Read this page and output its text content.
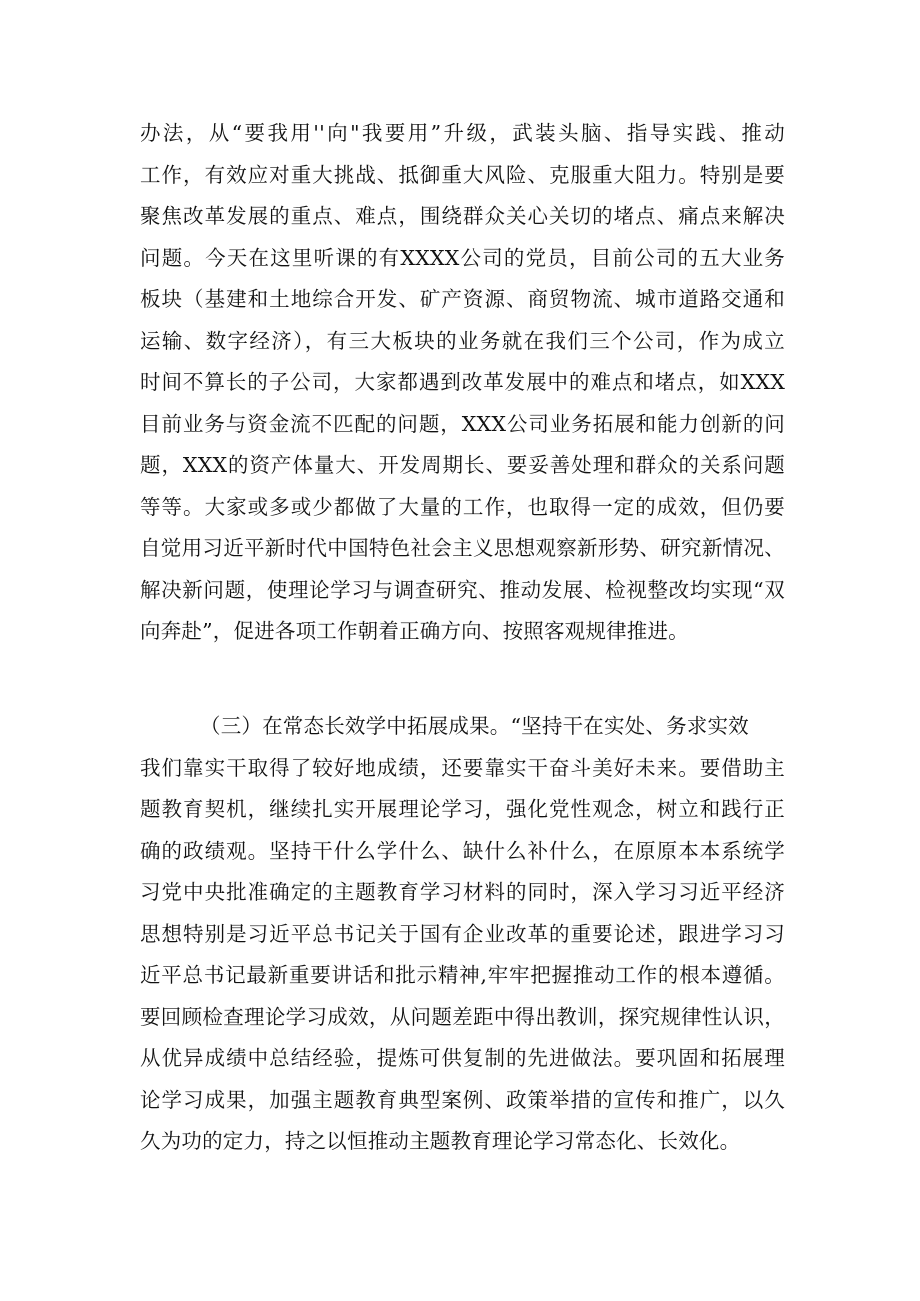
办法，从“要我用''向"我要用”升级，武装头脑、指导实践、推动
工作，有效应对重大挑战、抵御重大风险、克服重大阻力。特别是要
聚焦改革发展的重点、难点，围绕群众关心关切的堵点、痛点来解决
问题。今天在这里听课的有XXXX公司的党员，目前公司的五大业务
板块（基建和土地综合开发、矿产资源、商贸物流、城市道路交通和
运输、数字经济），有三大板块的业务就在我们三个公司，作为成立
时间不算长的子公司，大家都遇到改革发展中的难点和堵点，如XXX
目前业务与资金流不匹配的问题，XXX公司业务拓展和能力创新的问
题，XXX的资产体量大、开发周期长、要妥善处理和群众的关系问题
等等。大家或多或少都做了大量的工作，也取得一定的成效，但仍要
自觉用习近平新时代中国特色社会主义思想观察新形势、研究新情况、
解决新问题，使理论学习与调查研究、推动发展、检视整改均实现“双
向奔赴”，促进各项工作朝着正确方向、按照客观规律推进。
（三）在常态长效学中拓展成果。“坚持干在实处、务求实效
我们靠实干取得了较好地成绩，还要靠实干奋斗美好未来。要借助主
题教育契机，继续扎实开展理论学习，强化党性观念，树立和践行正
确的政绩观。坚持干什么学什么、缺什么补什么，在原原本本系统学
习党中央批准确定的主题教育学习材料的同时，深入学习习近平经济
思想特别是习近平总书记关于国有企业改革的重要论述，跟进学习习
近平总书记最新重要讲话和批示精神,牢牢把握推动工作的根本遵循。
要回顾检查理论学习成效，从问题差距中得出教训，探究规律性认识，
从优异成绩中总结经验，提炼可供复制的先进做法。要巩固和拓展理
论学习成果，加强主题教育典型案例、政策举措的宣传和推广，以久
久为功的定力，持之以恒推动主题教育理论学习常态化、长效化。
